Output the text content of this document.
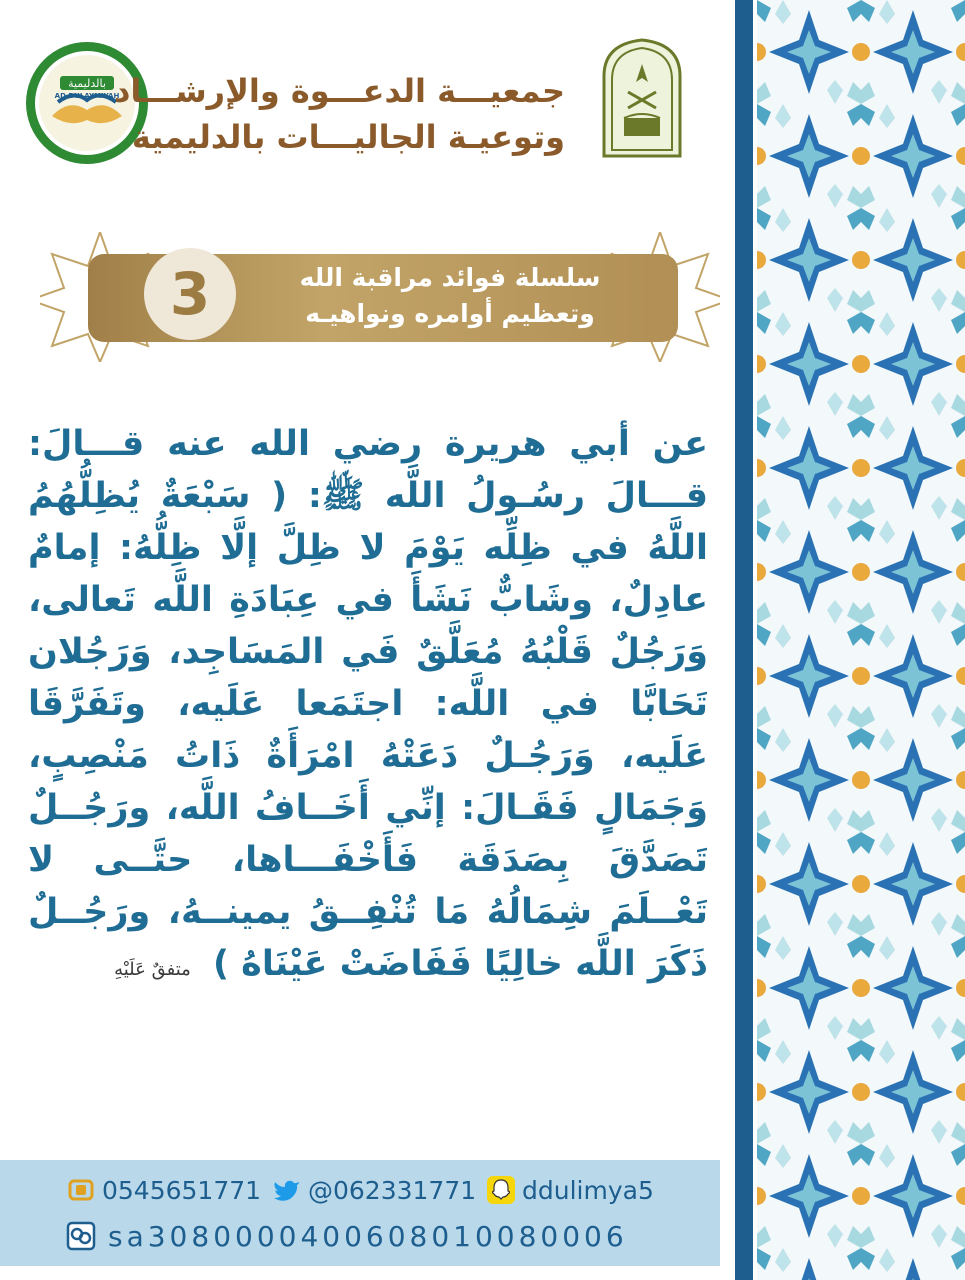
بالدليمية
AD DULAYMIYAH
جمعيـــة الدعـــوة والإرشـــاد
وتوعيـة الجاليـــات بالدليمية
3	سلسلة فوائد مراقبة الله
وتعظيم أوامره ونواهيـه
عن أبي هريرة رضي الله عنه قـــالَ: قـــالَ رسُـولُ اللَّه ﷺ: ( سَبْعَةٌ يُظِلُّهُمُ اللَّهُ في ظِلِّه يَوْمَ لا ظِلَّ إلَّا ظِلُّهُ: إمامٌ عادِلٌ، وشَابٌّ نَشَأَ في عِبَادَةِ اللَّه تَعالى، وَرَجُلٌ قَلْبُهُ مُعَلَّقٌ فَي المَسَاجِد، وَرَجُلان تَحَابَّا في اللَّه: اجتَمَعا عَلَيه، وتَفَرَّقَا عَلَيه، وَرَجُـلٌ دَعَتْهُ امْرَأَةٌ ذَاتُ مَنْصِبٍ، وَجَمَالٍ فَقَـالَ: إنِّي أَخَــافُ اللَّه، ورَجُــلٌ تَصَدَّقَ بِصَدَقَة فَأَخْفَـــاها، حتَّــى لا تَعْــلَمَ شِمَالُهُ مَا تُنْفِــقُ يمينــهُ، ورَجُــلٌ ذَكَرَ اللَّه خالِيًا فَفَاضَتْ عَيْنَاهُ ) متفقٌ عَلَيْهِ
0545651771 @062331771 ddulimya5
sa3080000400608010080006
